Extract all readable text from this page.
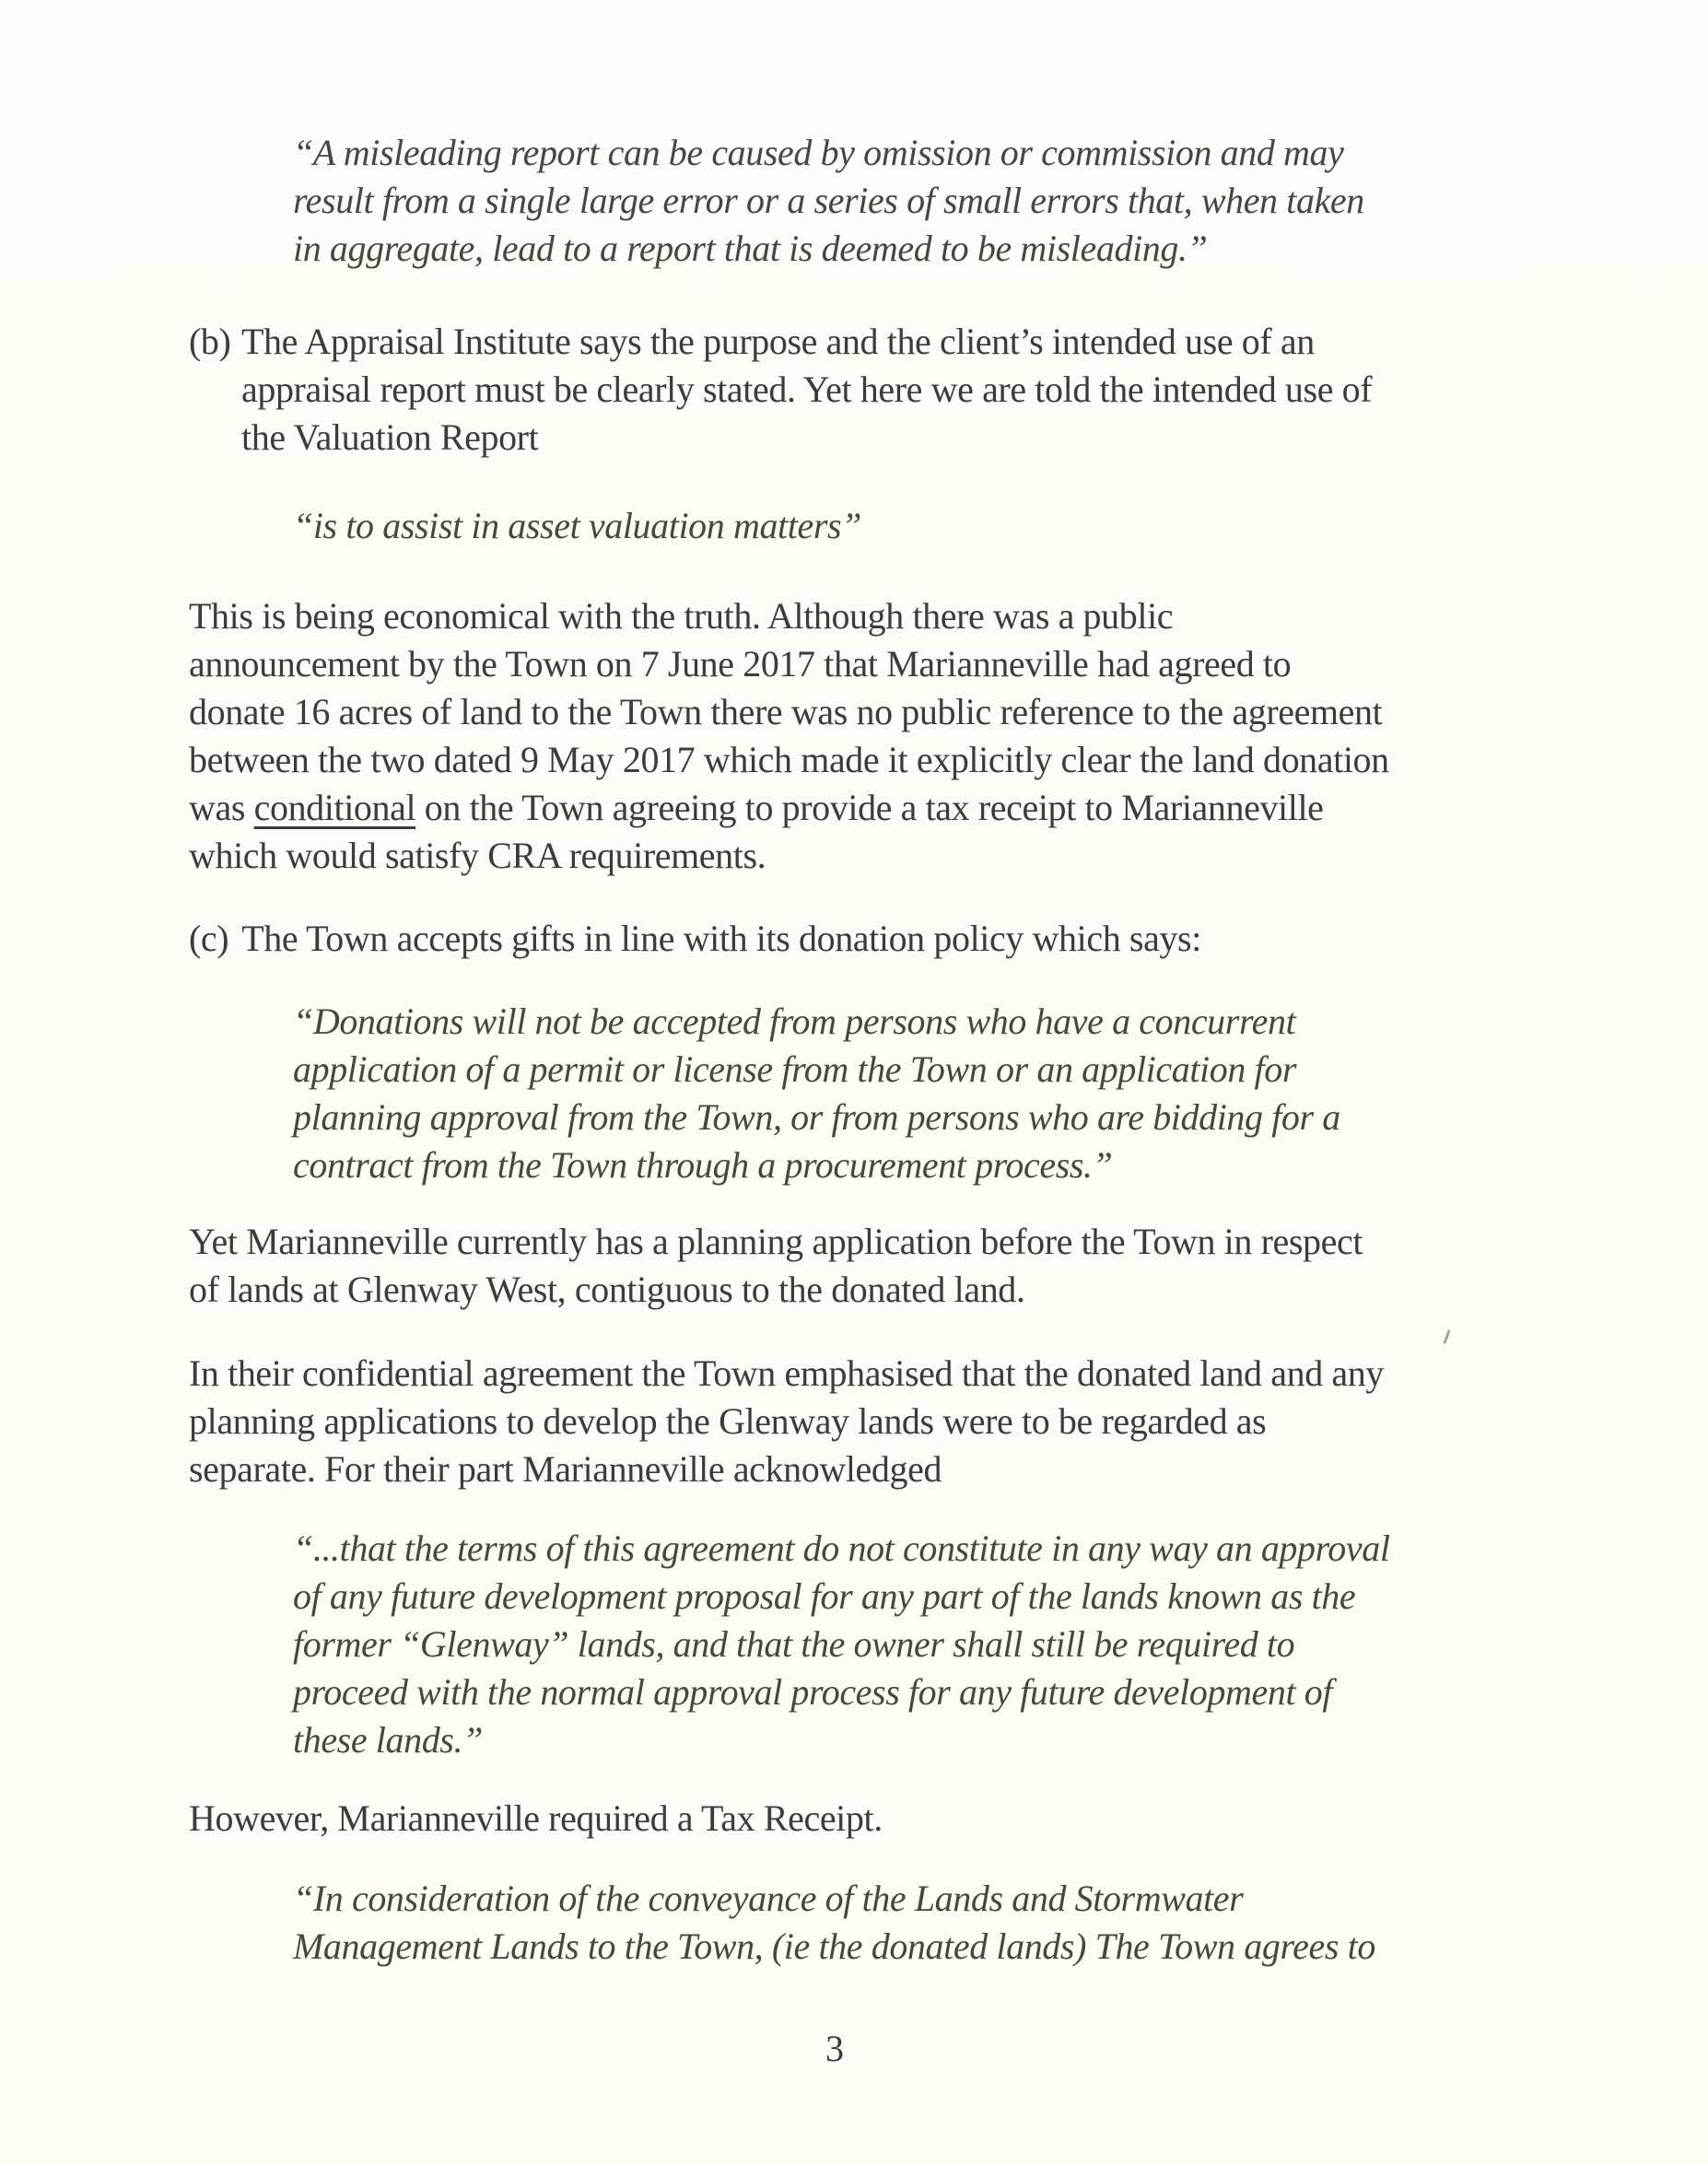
“A misleading report can be caused by omission or commission and may
result from a single large error or a series of small errors that, when taken
in aggregate, lead to a report that is deemed to be misleading.”
(b) The Appraisal Institute says the purpose and the client’s intended use of an
appraisal report must be clearly stated. Yet here we are told the intended use of
the Valuation Report
“is to assist in asset valuation matters”
This is being economical with the truth. Although there was a public
announcement by the Town on 7 June 2017 that Marianneville had agreed to
donate 16 acres of land to the Town there was no public reference to the agreement
between the two dated 9 May 2017 which made it explicitly clear the land donation
was conditional on the Town agreeing to provide a tax receipt to Marianneville
which would satisfy CRA requirements.
(c) The Town accepts gifts in line with its donation policy which says:
“Donations will not be accepted from persons who have a concurrent
application of a permit or license from the Town or an application for
planning approval from the Town, or from persons who are bidding for a
contract from the Town through a procurement process.”
Yet Marianneville currently has a planning application before the Town in respect
of lands at Glenway West, contiguous to the donated land.
In their confidential agreement the Town emphasised that the donated land and any
planning applications to develop the Glenway lands were to be regarded as
separate. For their part Marianneville acknowledged
“...that the terms of this agreement do not constitute in any way an approval
of any future development proposal for any part of the lands known as the
former “Glenway” lands, and that the owner shall still be required to
proceed with the normal approval process for any future development of
these lands.”
However, Marianneville required a Tax Receipt.
“In consideration of the conveyance of the Lands and Stormwater
Management Lands to the Town, (ie the donated lands) The Town agrees to
3
